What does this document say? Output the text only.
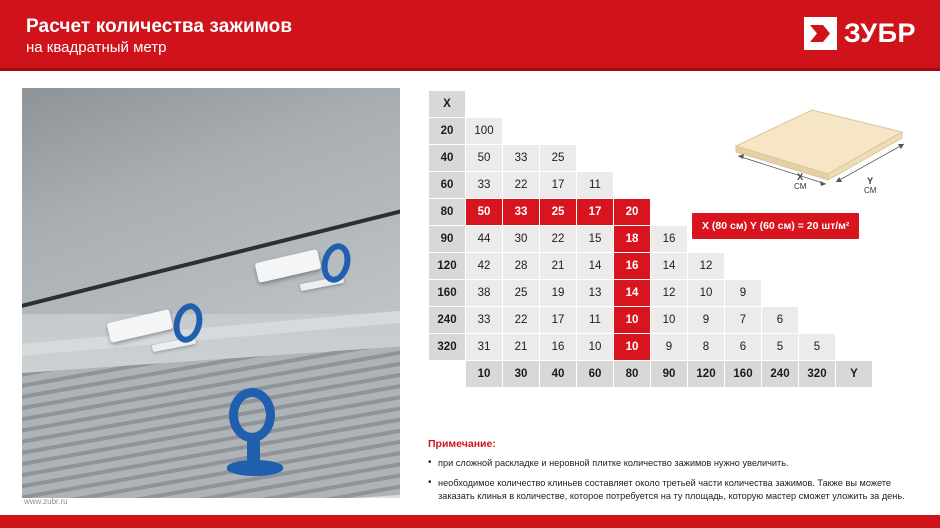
Расчет количества зажимов
на квадратный метр	ЗУБР
X											
20	100										
40	50	33	25								
60	33	22	17	11							
80	50	33	25	17	20						
90	44	30	22	15	18	16					
120	42	28	21	14	16	14	12				
160	38	25	19	13	14	12	10	9			
240	33	22	17	11	10	10	9	7	6		
320	31	21	16	10	10	9	8	6	5	5	
	10	30	40	60	80	90	120	160	240	320	Y
X (80 см) Y (60 см) = 20 шт/м²
X
СМ
Y
СМ
Примечание:
• при сложной раскладке и неровной плитке количество зажимов нужно увеличить.
• необходимое количество клиньев составляет около третьей части количества зажимов. Также вы можете заказать клинья в количестве, которое потребуется на ту площадь, которую мастер сможет уложить за день.
www.zubr.ru
